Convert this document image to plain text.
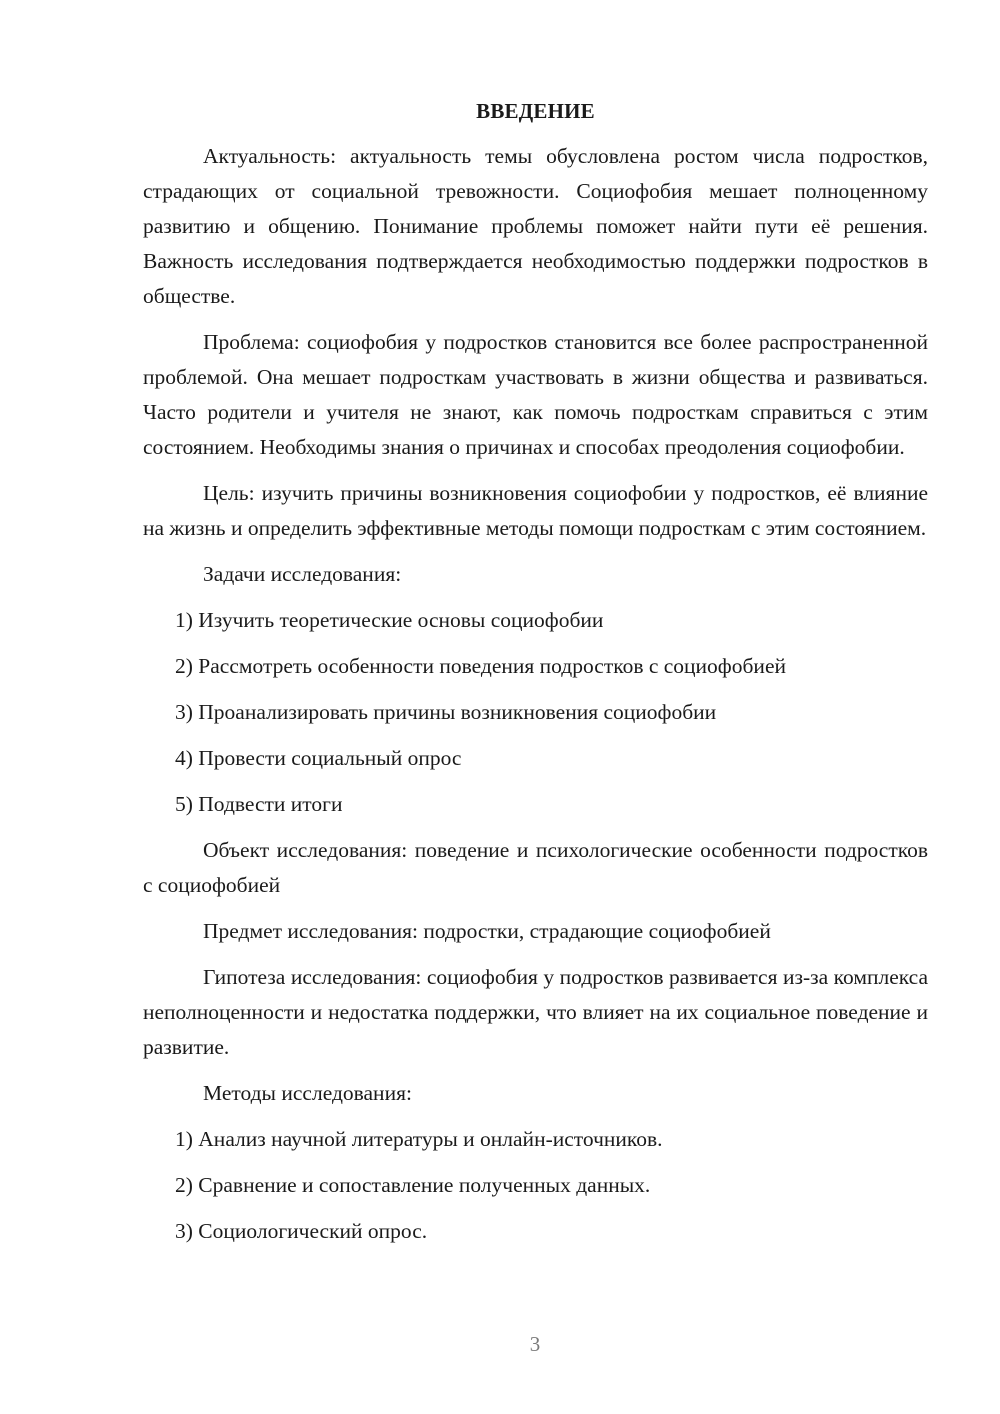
ВВЕДЕНИЕ

Актуальность: актуальность темы обусловлена ростом числа подростков, страдающих от социальной тревожности. Социофобия мешает полноценному развитию и общению. Понимание проблемы поможет найти пути её решения. Важность исследования подтверждается необходимостью поддержки подростков в обществе.

Проблема: социофобия у подростков становится все более распространенной проблемой. Она мешает подросткам участвовать в жизни общества и развиваться. Часто родители и учителя не знают, как помочь подросткам справиться с этим состоянием. Необходимы знания о причинах и способах преодоления социофобии.

Цель: изучить причины возникновения социофобии у подростков, её влияние на жизнь и определить эффективные методы помощи подросткам с этим состоянием.

Задачи исследования:
1) Изучить теоретические основы социофобии
2) Рассмотреть особенности поведения подростков с социофобией
3) Проанализировать причины возникновения социофобии
4) Провести социальный опрос
5) Подвести итоги

Объект исследования: поведение и психологические особенности подростков с социофобией

Предмет исследования: подростки, страдающие социофобией

Гипотеза исследования: социофобия у подростков развивается из-за комплекса неполноценности и недостатка поддержки, что влияет на их социальное поведение и развитие.

Методы исследования:
1) Анализ научной литературы и онлайн-источников.
2) Сравнение и сопоставление полученных данных.
3) Социологический опрос.
3
